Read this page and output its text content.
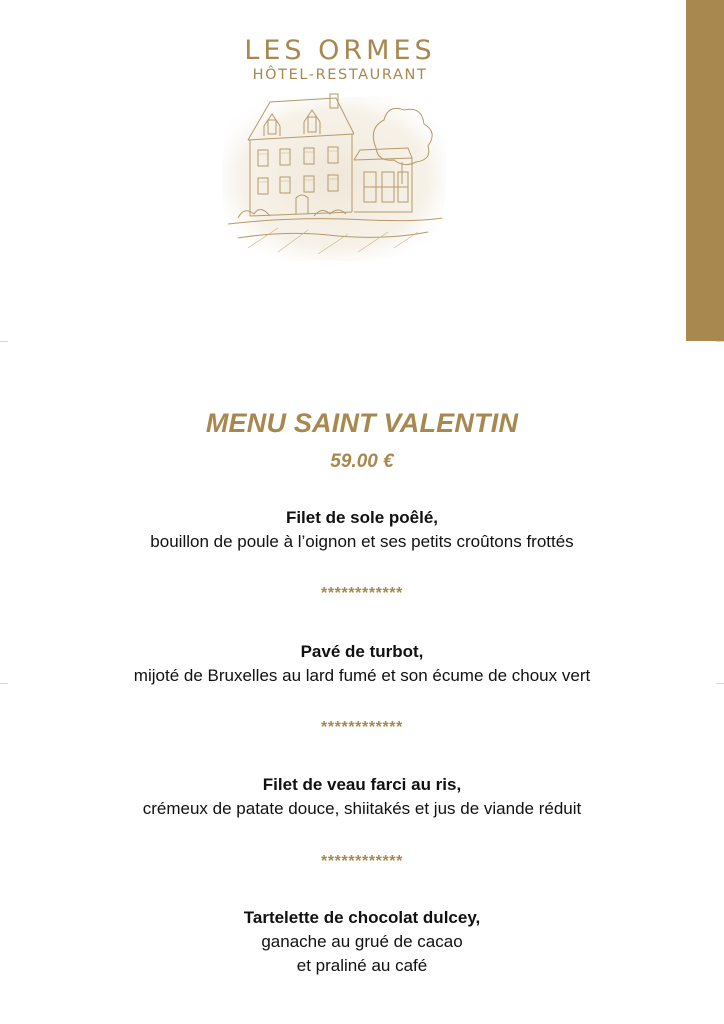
LES ORMES
HÔTEL-RESTAURANT
MENU SAINT VALENTIN
59.00 €
Filet de sole poêlé,
bouillon de poule à l’oignon et ses petits croûtons frottés
************
Pavé de turbot,
mijoté de Bruxelles au lard fumé et son écume de choux vert
************
Filet de veau farci au ris,
crémeux de patate douce, shiitakés et jus de viande réduit
************
Tartelette de chocolat dulcey,
ganache au grué de cacao
et praliné au café
